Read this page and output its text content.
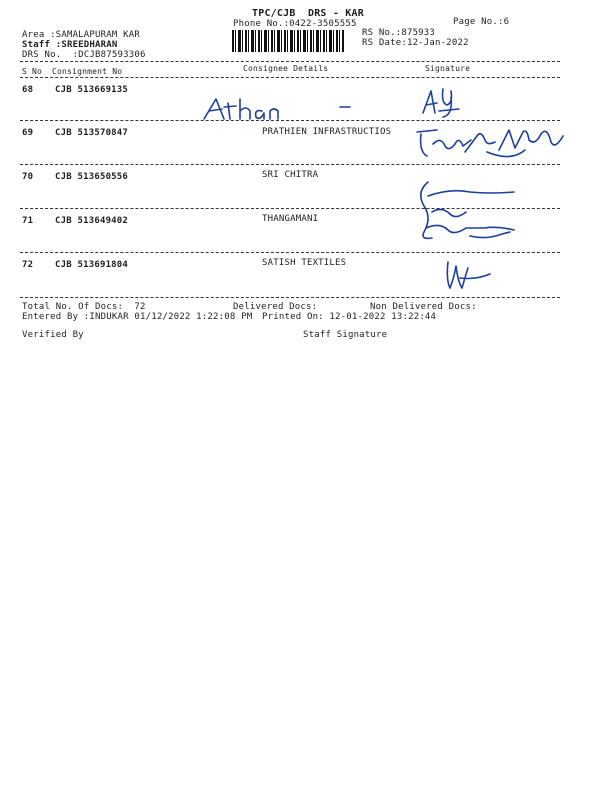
TPC/CJB  DRS - KAR
Phone No.:0422-3505555	Page No.:6
Area :SAMALAPURAM KAR
Staff :SREEDHARAN
DRS No.  :DCJB87593306
RS No.:875933
RS Date:12-Jan-2022
S No Consignment No	Consignee Details	Signature
68 CJB 513669135
69 CJB 513570847	PRATHIEN INFRASTRUCTIOS
70 CJB 513650556	SRI CHITRA
71 CJB 513649402	THANGAMANI
72 CJB 513691804	SATISH TEXTILES
Total No. Of Docs:  72	Delivered Docs:	Non Delivered Docs:
Entered By :INDUKAR 01/12/2022 1:22:08 PM Printed On: 12-01-2022 13:22:44
Verified By	Staff Signature
